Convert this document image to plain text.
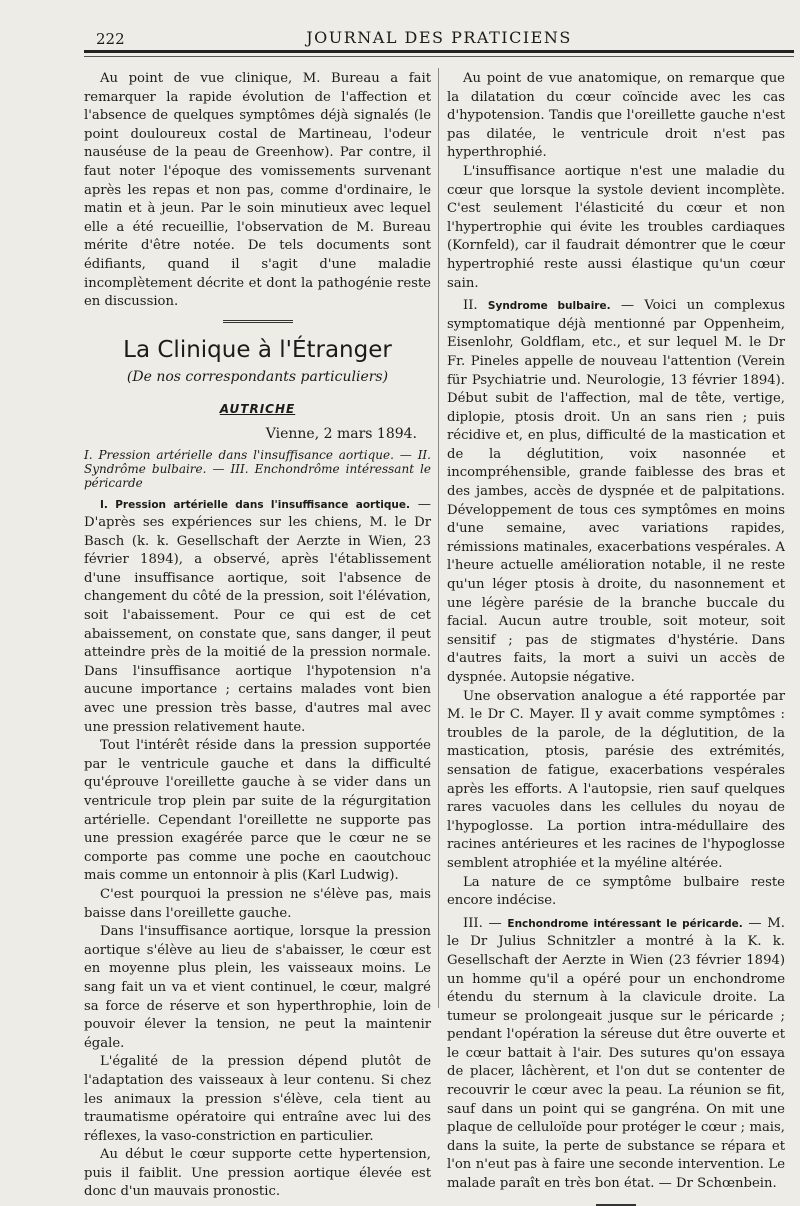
222	JOURNAL DES PRATICIENS

Au point de vue clinique, M. Bureau a fait remarquer la rapide évolution de l'affection et l'absence de quelques symptômes déjà signalés (le point douloureux costal de Martineau, l'odeur nauséuse de la peau de Greenhow). Par contre, il faut noter l'époque des vomissements survenant après les repas et non pas, comme d'ordinaire, le matin et à jeun. Par le soin minutieux avec lequel elle a été recueillie, l'observation de M. Bureau mérite d'être notée. De tels documents sont édifiants, quand il s'agit d'une maladie incomplètement décrite et dont la pathogénie reste en discussion.

La Clinique à l'Étranger

(De nos correspondants particuliers)

AUTRICHE

Vienne, 2 mars 1894.

I. Pression artérielle dans l'insuffisance aortique. — II. Syndrôme bulbaire. — III. Enchondrôme intéressant le péricarde

I. Pression artérielle dans l'insuffisance aortique. — D'après ses expériences sur les chiens, M. le Dr Basch (k. k. Gesellschaft der Aerzte in Wien, 23 février 1894), a observé, après l'établissement d'une insuffisance aortique, soit l'absence de changement du côté de la pression, soit l'élévation, soit l'abaissement. Pour ce qui est de cet abaissement, on constate que, sans danger, il peut atteindre près de la moitié de la pression normale. Dans l'insuffisance aortique l'hypotension n'a aucune importance ; certains malades vont bien avec une pression très basse, d'autres mal avec une pression relativement haute.

Tout l'intérêt réside dans la pression supportée par le ventricule gauche et dans la difficulté qu'éprouve l'oreillette gauche à se vider dans un ventricule trop plein par suite de la régurgitation artérielle. Cependant l'oreillette ne supporte pas une pression exagérée parce que le cœur ne se comporte pas comme une poche en caoutchouc mais comme un entonnoir à plis (Karl Ludwig).

C'est pourquoi la pression ne s'élève pas, mais baisse dans l'oreillette gauche.

Dans l'insuffisance aortique, lorsque la pression aortique s'élève au lieu de s'abaisser, le cœur est en moyenne plus plein, les vaisseaux moins. Le sang fait un va et vient continuel, le cœur, malgré sa force de réserve et son hyperthrophie, loin de pouvoir élever la tension, ne peut la maintenir égale.

L'égalité de la pression dépend plutôt de l'adaptation des vaisseaux à leur contenu. Si chez les animaux la pression s'élève, cela tient au traumatisme opératoire qui entraîne avec lui des réflexes, la vaso-constriction en particulier.

Au début le cœur supporte cette hypertension, puis il faiblit. Une pression aortique élevée est donc d'un mauvais pronostic.

Au point de vue anatomique, on remarque que la dilatation du cœur coïncide avec les cas d'hypotension. Tandis que l'oreillette gauche n'est pas dilatée, le ventricule droit n'est pas hyperthrophié.

L'insuffisance aortique n'est une maladie du cœur que lorsque la systole devient incomplète. C'est seulement l'élasticité du cœur et non l'hypertrophie qui évite les troubles cardiaques (Kornfeld), car il faudrait démontrer que le cœur hypertrophié reste aussi élastique qu'un cœur sain.

II. Syndrome bulbaire. — Voici un complexus symptomatique déjà mentionné par Oppenheim, Eisenlohr, Goldflam, etc., et sur lequel M. le Dr Fr. Pineles appelle de nouveau l'attention (Verein für Psychiatrie und. Neurologie, 13 février 1894). Début subit de l'affection, mal de tête, vertige, diplopie, ptosis droit. Un an sans rien ; puis récidive et, en plus, difficulté de la mastication et de la déglutition, voix nasonnée et incompréhensible, grande faiblesse des bras et des jambes, accès de dyspnée et de palpitations. Développement de tous ces symptômes en moins d'une semaine, avec variations rapides, rémissions matinales, exacerbations vespérales. A l'heure actuelle amélioration notable, il ne reste qu'un léger ptosis à droite, du nasonnement et une légère parésie de la branche buccale du facial. Aucun autre trouble, soit moteur, soit sensitif ; pas de stigmates d'hystérie. Dans d'autres faits, la mort a suivi un accès de dyspnée. Autopsie négative.

Une observation analogue a été rapportée par M. le Dr C. Mayer. Il y avait comme symptômes : troubles de la parole, de la déglutition, de la mastication, ptosis, parésie des extrémités, sensation de fatigue, exacerbations vespérales après les efforts. A l'autopsie, rien sauf quelques rares vacuoles dans les cellules du noyau de l'hypoglosse. La portion intra-médullaire des racines antérieures et les racines de l'hypoglosse semblent atrophiée et la myéline altérée.

La nature de ce symptôme bulbaire reste encore indécise.

III. — Enchondrome intéressant le péricarde. — M. le Dr Julius Schnitzler a montré à la K. k. Gesellschaft der Aerzte in Wien (23 février 1894) un homme qu'il a opéré pour un enchondrome étendu du sternum à la clavicule droite. La tumeur se prolongeait jusque sur le péricarde ; pendant l'opération la séreuse dut être ouverte et le cœur battait à l'air. Des sutures qu'on essaya de placer, lâchèrent, et l'on dut se contenter de recouvrir le cœur avec la peau. La réunion se fit, sauf dans un point qui se gangréna. On mit une plaque de celluloïde pour protéger le cœur ; mais, dans la suite, la perte de substance se répara et l'on n'eut pas à faire une seconde intervention. Le malade paraît en très bon état. — Dr Schœnbein.
